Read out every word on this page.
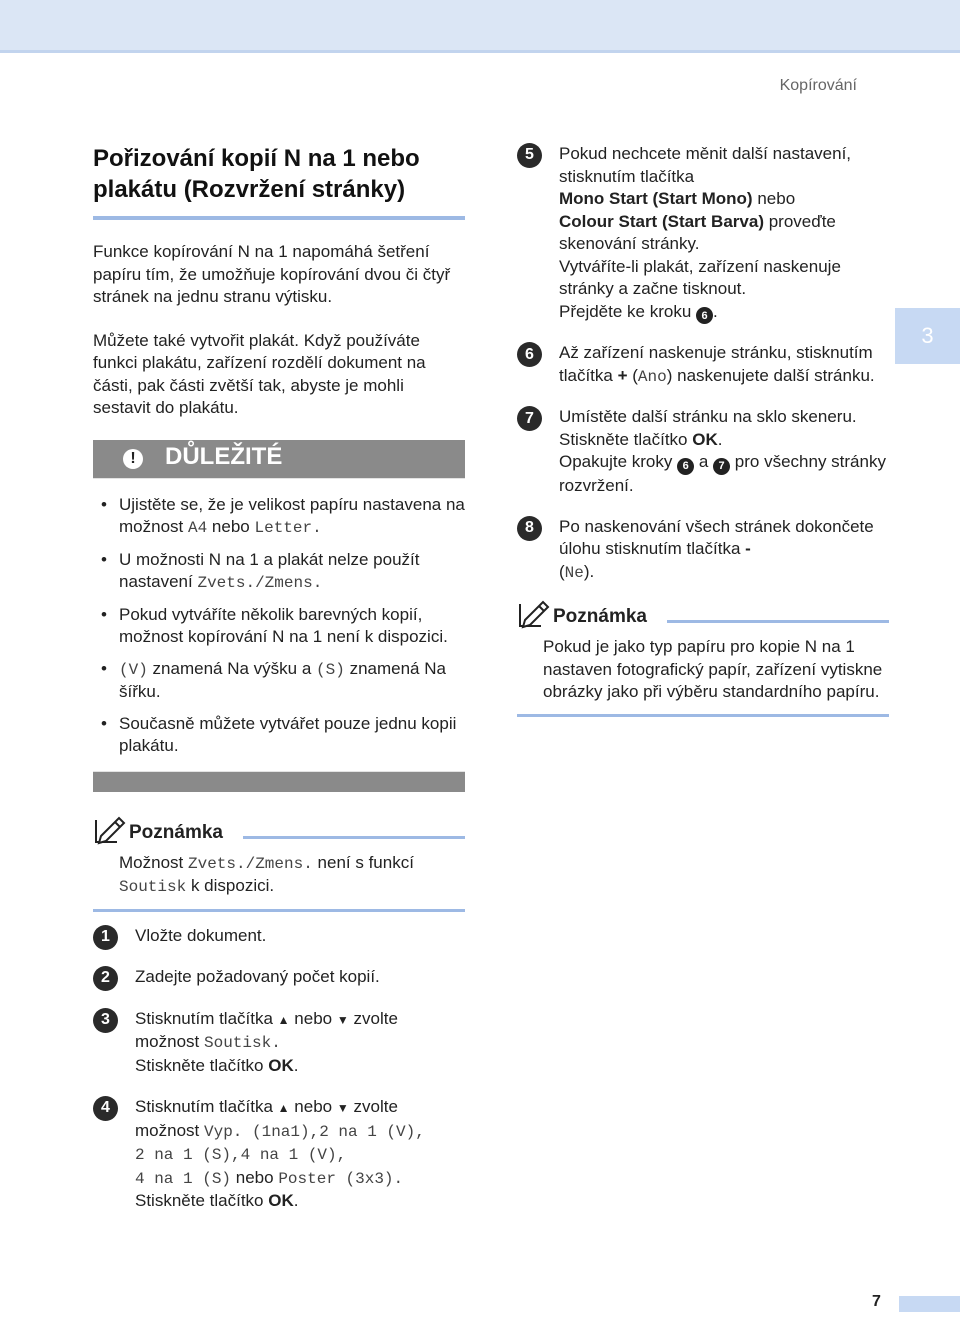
Kopírování
3
Pořizování kopií N na 1 nebo
plakátu (Rozvržení stránky)

Funkce kopírování N na 1 napomáhá šetření papíru tím, že umožňuje kopírování dvou či čtyř stránek na jednu stranu výtisku.

Můžete také vytvořit plakát. Když používáte funkci plakátu, zařízení rozdělí dokument na části, pak části zvětší tak, abyste je mohli sestavit do plakátu.

!	DŮLEŽITÉ
• Ujistěte se, že je velikost papíru nastavena na možnost A4 nebo Letter.
• U možnosti N na 1 a plakát nelze použít nastavení Zvets./Zmens.
• Pokud vytváříte několik barevných kopií, možnost kopírování N na 1 není k dispozici.
• (V) znamená Na výšku a (S) znamená Na šířku.
• Současně můžete vytvářet pouze jednu kopii plakátu.
Poznámka
Možnost Zvets./Zmens. není s funkcí
Soutisk k dispozici.
1	Vložte dokument.
2	Zadejte požadovaný počet kopií.
3	Stisknutím tlačítka ▲ nebo ▼ zvolte možnost Soutisk.
Stiskněte tlačítko OK.
4	Stisknutím tlačítka ▲ nebo ▼ zvolte možnost Vyp. (1na1),2 na 1 (V),
2 na 1 (S),4 na 1 (V),
4 na 1 (S) nebo Poster (3x3).
Stiskněte tlačítko OK.
5	Pokud nechcete měnit další nastavení, stisknutím tlačítka
Mono Start (Start Mono) nebo
Colour Start (Start Barva) proveďte skenování stránky.
Vytváříte-li plakát, zařízení naskenuje stránky a začne tisknout.
Přejděte ke kroku 6 .
6	Až zařízení naskenuje stránku, stisknutím tlačítka + (Ano) naskenujete další stránku.
7	Umístěte další stránku na sklo skeneru.
Stiskněte tlačítko OK.
Opakujte kroky 6 a 7 pro všechny stránky rozvržení.
8	Po naskenování všech stránek dokončete úlohu stisknutím tlačítka -
(Ne).
Poznámka
Pokud je jako typ papíru pro kopie N na 1 nastaven fotografický papír, zařízení vytiskne obrázky jako při výběru standardního papíru.
7
